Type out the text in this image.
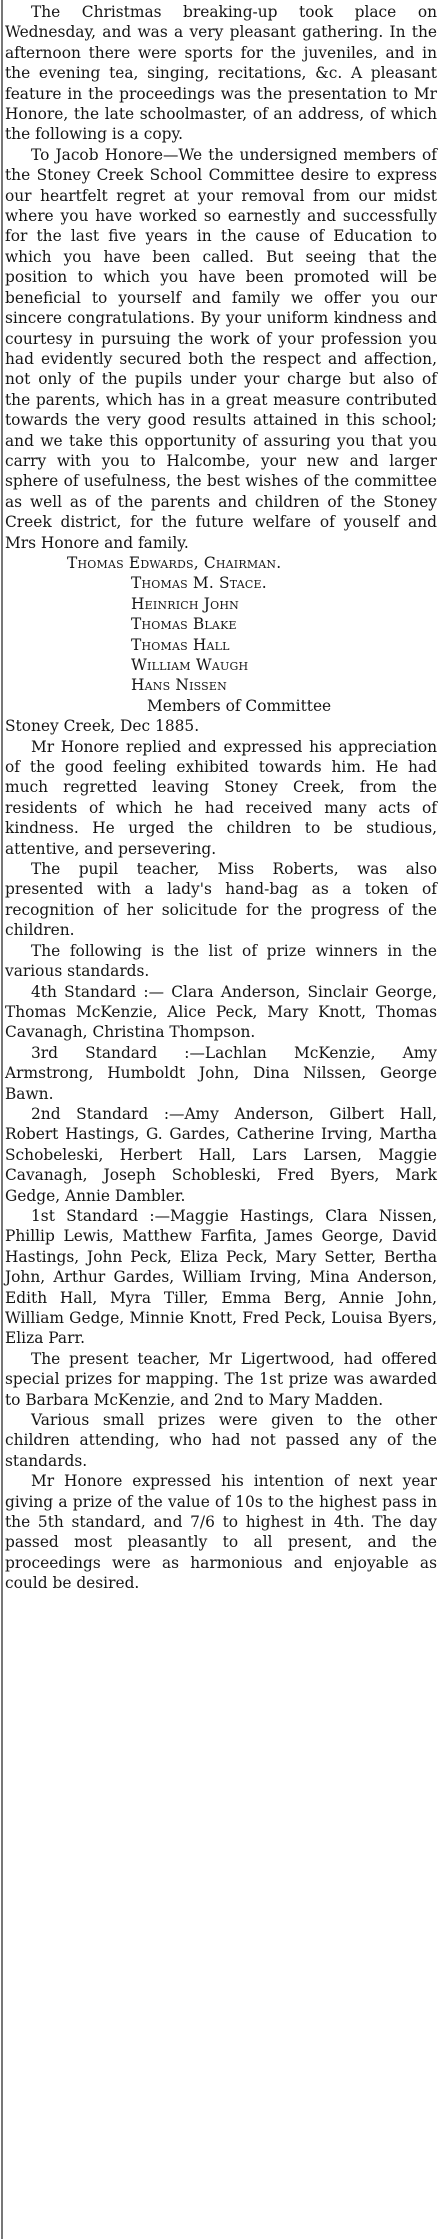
The Christmas breaking-up took place on Wednesday, and was a very pleasant gathering. In the afternoon there were sports for the juveniles, and in the evening tea, singing, recitations, &c. A pleasant feature in the proceedings was the presentation to Mr Honore, the late schoolmaster, of an address, of which the following is a copy.

To Jacob Honore—We the undersigned members of the Stoney Creek School Committee desire to express our heartfelt regret at your removal from our midst where you have worked so earnestly and successfully for the last five years in the cause of Education to which you have been called. But seeing that the position to which you have been promoted will be beneficial to yourself and family we offer you our sincere congratulations. By your uniform kindness and courtesy in pursuing the work of your profession you had evidently secured both the respect and affection, not only of the pupils under your charge but also of the parents, which has in a great measure contributed towards the very good results attained in this school; and we take this opportunity of assuring you that you carry with you to Halcombe, your new and larger sphere of usefulness, the best wishes of the committee as well as of the parents and children of the Stoney Creek district, for the future welfare of youself and Mrs Honore and family.

Thomas Edwards, Chairman.

Thomas M. Stace.

Heinrich John

Thomas Blake

Thomas Hall

William Waugh

Hans Nissen

Members of Committee

Stoney Creek, Dec 1885.

Mr Honore replied and expressed his appreciation of the good feeling exhibited towards him. He had much regretted leaving Stoney Creek, from the residents of which he had received many acts of kindness. He urged the children to be studious, attentive, and persevering.

The pupil teacher, Miss Roberts, was also presented with a lady's hand-bag as a token of recognition of her solicitude for the progress of the children.

The following is the list of prize winners in the various standards.

4th Standard :— Clara Anderson, Sinclair George, Thomas McKenzie, Alice Peck, Mary Knott, Thomas Cavanagh, Christina Thompson.

3rd Standard :—Lachlan McKenzie, Amy Armstrong, Humboldt John, Dina Nilssen, George Bawn.

2nd Standard :—Amy Anderson, Gilbert Hall, Robert Hastings, G. Gardes, Catherine Irving, Martha Schobeleski, Herbert Hall, Lars Larsen, Maggie Cavanagh, Joseph Schobleski, Fred Byers, Mark Gedge, Annie Dambler.

1st Standard :—Maggie Hastings, Clara Nissen, Phillip Lewis, Matthew Farfita, James George, David Hastings, John Peck, Eliza Peck, Mary Setter, Bertha John, Arthur Gardes, William Irving, Mina Anderson, Edith Hall, Myra Tiller, Emma Berg, Annie John, William Gedge, Minnie Knott, Fred Peck, Louisa Byers, Eliza Parr.

The present teacher, Mr Ligertwood, had offered special prizes for mapping. The 1st prize was awarded to Barbara McKenzie, and 2nd to Mary Madden.

Various small prizes were given to the other children attending, who had not passed any of the standards.

Mr Honore expressed his intention of next year giving a prize of the value of 10s to the highest pass in the 5th standard, and 7/6 to highest in 4th. The day passed most pleasantly to all present, and the proceedings were as harmonious and enjoyable as could be desired.
